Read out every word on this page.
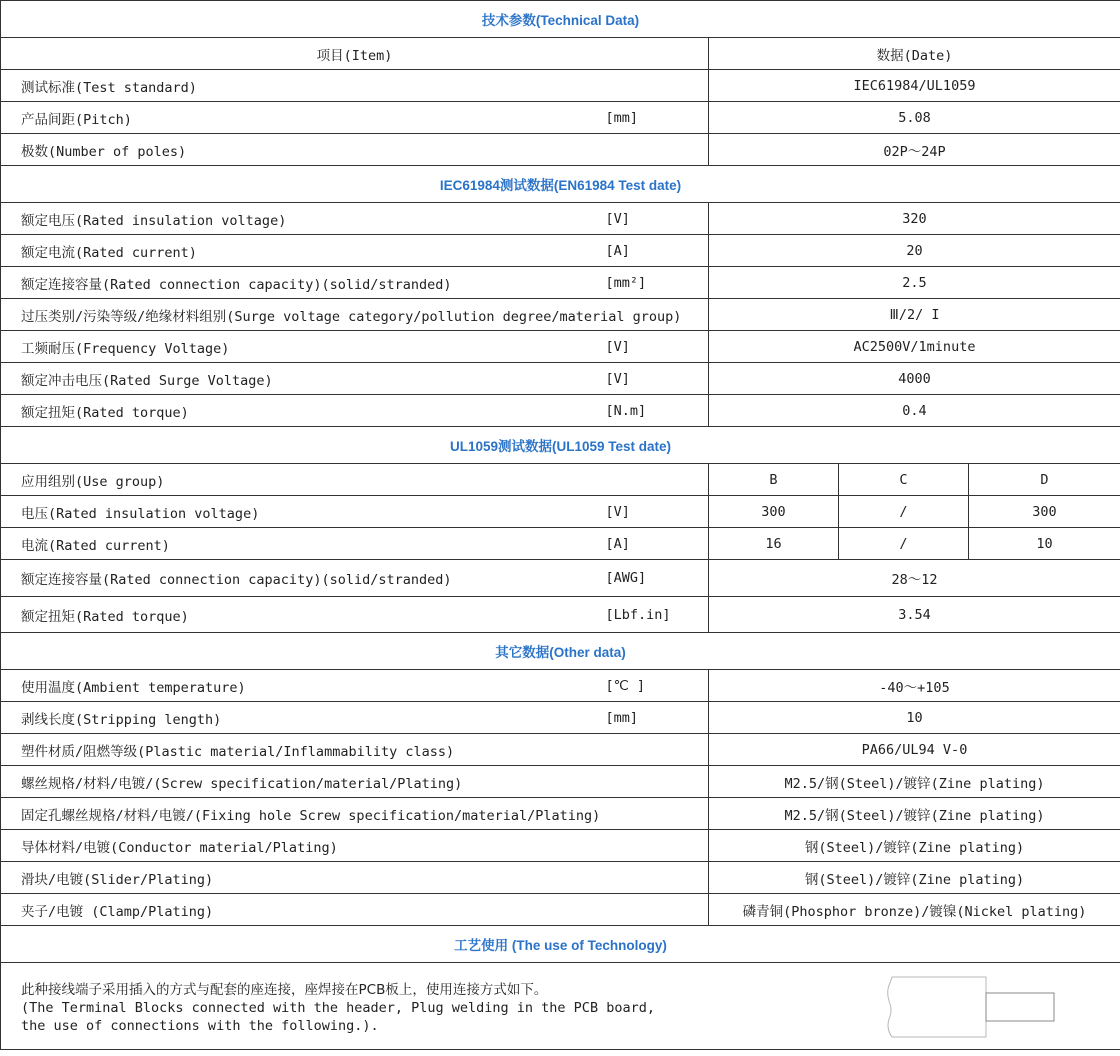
技术参数(Technical Data)				
项目(Item)		数据(Date)		
测试标准(Test standard)		IEC61984/UL1059		
产品间距(Pitch)	[mm]	5.08		
极数(Number of poles)		02P～24P		
IEC61984测试数据(EN61984 Test date)				
额定电压(Rated insulation voltage)	[V]	320		
额定电流(Rated current)	[A]	20		
额定连接容量(Rated connection capacity)(solid/stranded)	[mm²]	2.5		
过压类别/污染等级/绝缘材料组别(Surge voltage category/pollution degree/material group)		Ⅲ/2/ I		
工频耐压(Frequency Voltage)	[V]	AC2500V/1minute		
额定冲击电压(Rated Surge Voltage)	[V]	4000		
额定扭矩(Rated torque)	[N.m]	0.4		
UL1059测试数据(UL1059 Test date)				
应用组别(Use group)		B	C	D
电压(Rated insulation voltage)	[V]	300	/	300
电流(Rated current)	[A]	16	/	10
额定连接容量(Rated connection capacity)(solid/stranded)	[AWG]	28～12		
额定扭矩(Rated torque)	[Lbf.in]	3.54		
其它数据(Other data)				
使用温度(Ambient temperature)	[℃ ]	-40～+105		
剥线长度(Stripping length)	[mm]	10		
塑件材质/阻燃等级(Plastic material/Inflammability class)		PA66/UL94 V-0		
螺丝规格/材料/电镀/(Screw specification/material/Plating)		M2.5/钢(Steel)/镀锌(Zine plating)		
固定孔螺丝规格/材料/电镀/(Fixing hole Screw specification/material/Plating)		M2.5/钢(Steel)/镀锌(Zine plating)		
导体材料/电镀(Conductor material/Plating)		钢(Steel)/镀锌(Zine plating)		
滑块/电镀(Slider/Plating)		钢(Steel)/镀锌(Zine plating)		
夹子/电镀 (Clamp/Plating)		磷青铜(Phosphor bronze)/镀镍(Nickel plating)		
工艺使用 (The use of Technology)				

此种接线端子采用插入的方式与配套的座连接，座焊接在PCB板上，使用连接方式如下。
(The Terminal Blocks connected with the header, Plug welding in the PCB board,
the use of connections with the following.).				
